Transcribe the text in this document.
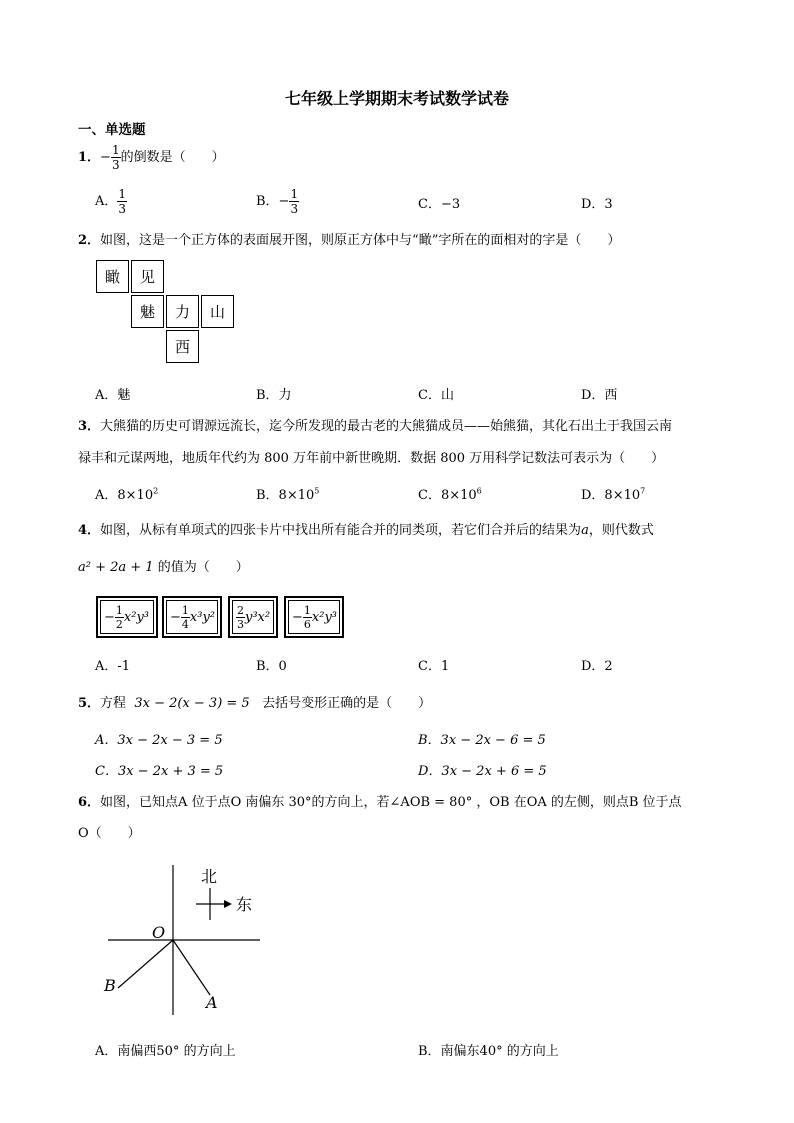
七年级上学期期末考试数学试卷
一、单选题
1．− $\frac{1}{3}$ 的倒数是（　　）
A． $\frac{1}{3}$	B．− $\frac{1}{3}$	C．−3	D．3
2．如图，这是一个正方体的表面展开图，则原正方体中与“瞰”字所在的面相对的字是（　　）
瞰	见
魅	力	山
西
A．魅	B．力	C．山	D．西
3．大熊猫的历史可谓源远流长，迄今所发现的最古老的大熊猫成员——始熊猫，其化石出土于我国云南
禄丰和元谋两地，地质年代约为 800 万年前中新世晚期．数据 800 万用科学记数法可表示为（　　）
A．$8\times 10^2$	B．$8\times 10^5$	C．$8\times 10^6$	D．$8\times 10^7$
4．如图，从标有单项式的四张卡片中找出所有能合并的同类项，若它们合并后的结果为a，则代数式
a² + 2a + 1 的值为（　　）
− $\frac{1}{2} x^2y^3 - \frac{1}{4} x^3y^2 \frac{2}{3} y^3x^2 - \frac{1}{6} x^2y^3$
A．-1	B．0	C．1	D．2
5．方程 3x − 2(x − 3) = 5 去括号变形正确的是（　　）
A．3x − 2x − 3 = 5	B．3x − 2x − 6 = 5
C．3x − 2x + 3 = 5	D．3x − 2x + 6 = 5
6．如图，已知点A 位于点O 南偏东 30°的方向上，若∠AOB = 80° ，OB 在OA 的左侧，则点B 位于点
O（　　）
北
东
O
B
A
A．南偏西50° 的方向上	B．南偏东40° 的方向上
